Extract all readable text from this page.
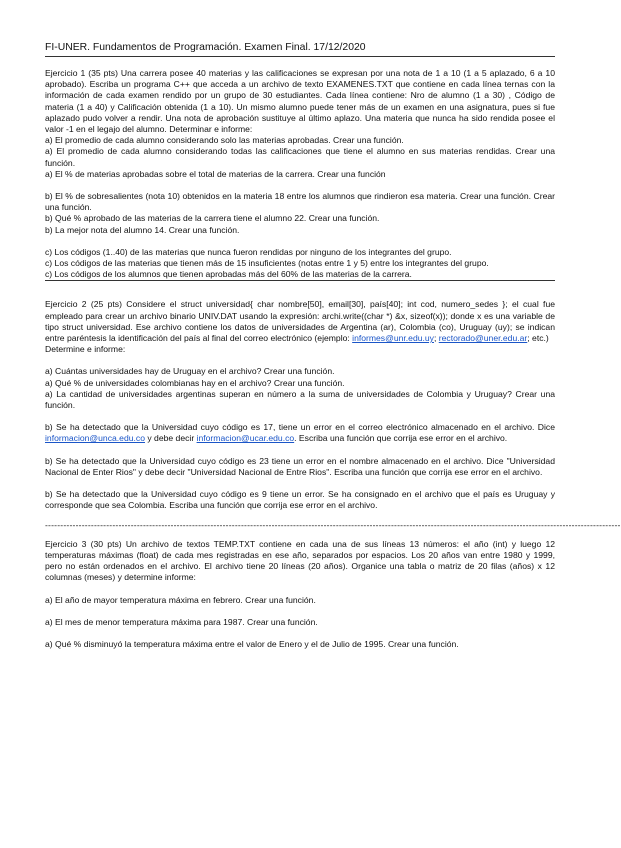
FI-UNER. Fundamentos de Programación. Examen Final. 17/12/2020

Ejercicio 1 (35 pts) Una carrera posee 40 materias y las calificaciones se expresan por una nota de 1 a 10 (1 a 5 aplazado, 6 a 10 aprobado). Escriba un programa C++ que acceda a un archivo de texto EXAMENES.TXT que contiene en cada línea ternas con la información de cada examen rendido por un grupo de 30 estudiantes. Cada línea contiene: Nro de alumno (1 a 30) , Código de materia (1 a 40) y Calificación obtenida (1 a 10). Un mismo alumno puede tener más de un examen en una asignatura, pues si fue aplazado pudo volver a rendir. Una nota de aprobación sustituye al último aplazo. Una materia que nunca ha sido rendida posee el valor -1 en el legajo del alumno. Determinar e informe:

a) El promedio de cada alumno considerando solo las materias aprobadas. Crear una función.

a) El promedio de cada alumno considerando todas las calificaciones que tiene el alumno en sus materias rendidas. Crear una función.

a) El % de materias aprobadas sobre el total de materias de la carrera. Crear una función

b) El % de sobresalientes (nota 10) obtenidos en la materia 18 entre los alumnos que rindieron esa materia. Crear una función. Crear una función.

b) Qué % aprobado de las materias de la carrera tiene el alumno 22. Crear una función.

b) La mejor nota del alumno 14. Crear una función.

c) Los códigos (1..40) de las materias que nunca fueron rendidas por ninguno de los integrantes del grupo.

c) Los códigos de las materias que tienen más de 15 insuficientes (notas entre 1 y 5) entre los integrantes del grupo.

c) Los códigos de los alumnos que tienen aprobadas más del 60% de las materias de la carrera.

Ejercicio 2 (25 pts) Considere el struct universidad{ char nombre[50], email[30], país[40]; int cod, numero_sedes }; el cual fue empleado para crear un archivo binario UNIV.DAT usando la expresión: archi.write((char *) &x, sizeof(x)); donde x es una variable de tipo struct universidad. Ese archivo contiene los datos de universidades de Argentina (ar), Colombia (co), Uruguay (uy); se indican entre paréntesis la identificación del país al final del correo electrónico (ejemplo: informes@unr.edu.uy; rectorado@uner.edu.ar; etc.)

Determine e informe:

a) Cuántas universidades hay de Uruguay en el archivo? Crear una función.

a) Qué % de universidades colombianas hay en el archivo? Crear una función.

a) La cantidad de universidades argentinas superan en número a la suma de universidades de Colombia y Uruguay? Crear una función.

b) Se ha detectado que la Universidad cuyo código es 17, tiene un error en el correo electrónico almacenado en el archivo. Dice informacion@unca.edu.co y debe decir informacion@ucar.edu.co. Escriba una función que corrija ese error en el archivo.

b) Se ha detectado que la Universidad cuyo código es 23 tiene un error en el nombre almacenado en el archivo. Dice "Universidad Nacional de Enter Rios" y debe decir "Universidad Nacional de Entre Rios". Escriba una función que corrija ese error en el archivo.

b) Se ha detectado que la Universidad cuyo código es 9 tiene un error. Se ha consignado en el archivo que el país es Uruguay y corresponde que sea Colombia. Escriba una función que corrija ese error en el archivo.

--------------------------------------------------------------------------------------------------------------------------------------------------------------------------------------------

Ejercicio 3 (30 pts) Un archivo de textos TEMP.TXT contiene en cada una de sus líneas 13 números: el año (int) y luego 12 temperaturas máximas (float) de cada mes registradas en ese año, separados por espacios. Los 20 años van entre 1980 y 1999, pero no están ordenados en el archivo. El archivo tiene 20 líneas (20 años). Organice una tabla o matriz de 20 filas (años) x 12 columnas (meses) y determine informe:

a) El año de mayor temperatura máxima en febrero. Crear una función.

a) El mes de menor temperatura máxima para 1987. Crear una función.

a) Qué % disminuyó la temperatura máxima entre el valor de Enero y el de Julio de 1995. Crear una función.
